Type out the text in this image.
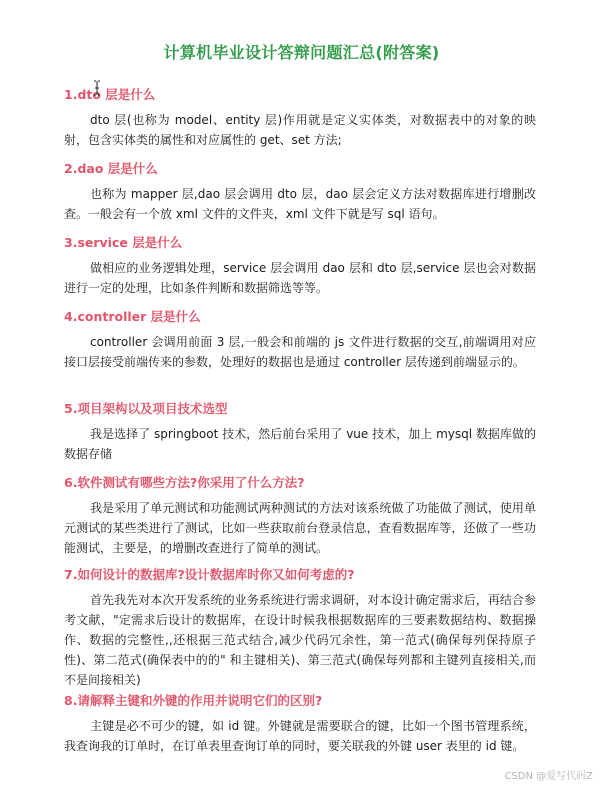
计算机毕业设计答辩问题汇总(附答案)

1.dto 层是什么

dto 层(也称为 model、entity 层)作用就是定义实体类，对数据表中的对象的映射，包含实体类的属性和对应属性的 get、set 方法;

2.dao 层是什么

也称为 mapper 层,dao 层会调用 dto 层，dao 层会定义方法对数据库进行增删改查。一般会有一个放 xml 文件的文件夹，xml 文件下就是写 sql 语句。

3.service 层是什么

做相应的业务逻辑处理，service 层会调用 dao 层和 dto 层,service 层也会对数据进行一定的处理，比如条件判断和数据筛选等等。

4.controller 层是什么

controller 会调用前面 3 层,一般会和前端的 js 文件进行数据的交互,前端调用对应接口层接受前端传来的参数，处理好的数据也是通过 controller 层传递到前端显示的。

5.项目架构以及项目技术选型

我是选择了 springboot 技术，然后前台采用了 vue 技术，加上 mysql 数据库做的数据存储

6.软件测试有哪些方法?你采用了什么方法?

我是采用了单元测试和功能测试两种测试的方法对该系统做了功能做了测试，使用单元测试的某些类进行了测试，比如一些获取前台登录信息，查看数据库等，还做了一些功能测试，主要是，的增删改查进行了简单的测试。

7.如何设计的数据库?设计数据库时你又如何考虑的?

首先我先对本次开发系统的业务系统进行需求调研，对本设计确定需求后，再结合参考文献，"定需求后设计的数据库，在设计时候我根据数据库的三要素数据结构、数据操作、数据的完整性,,还根据三范式结合,减少代码冗余性，第一范式(确保每列保持原子性)、第二范式(确保表中的的" 和主键相关)、第三范式(确保每列都和主键列直接相关,而不是间接相关)

8.请解释主键和外键的作用并说明它们的区别?

主键是必不可少的键，如 id 键。外键就是需要联合的键，比如一个图书管理系统，我查询我的订单时，在订单表里查询订单的同时，要关联我的外键 user 表里的 id 键。

CSDN @爱写代码Z
